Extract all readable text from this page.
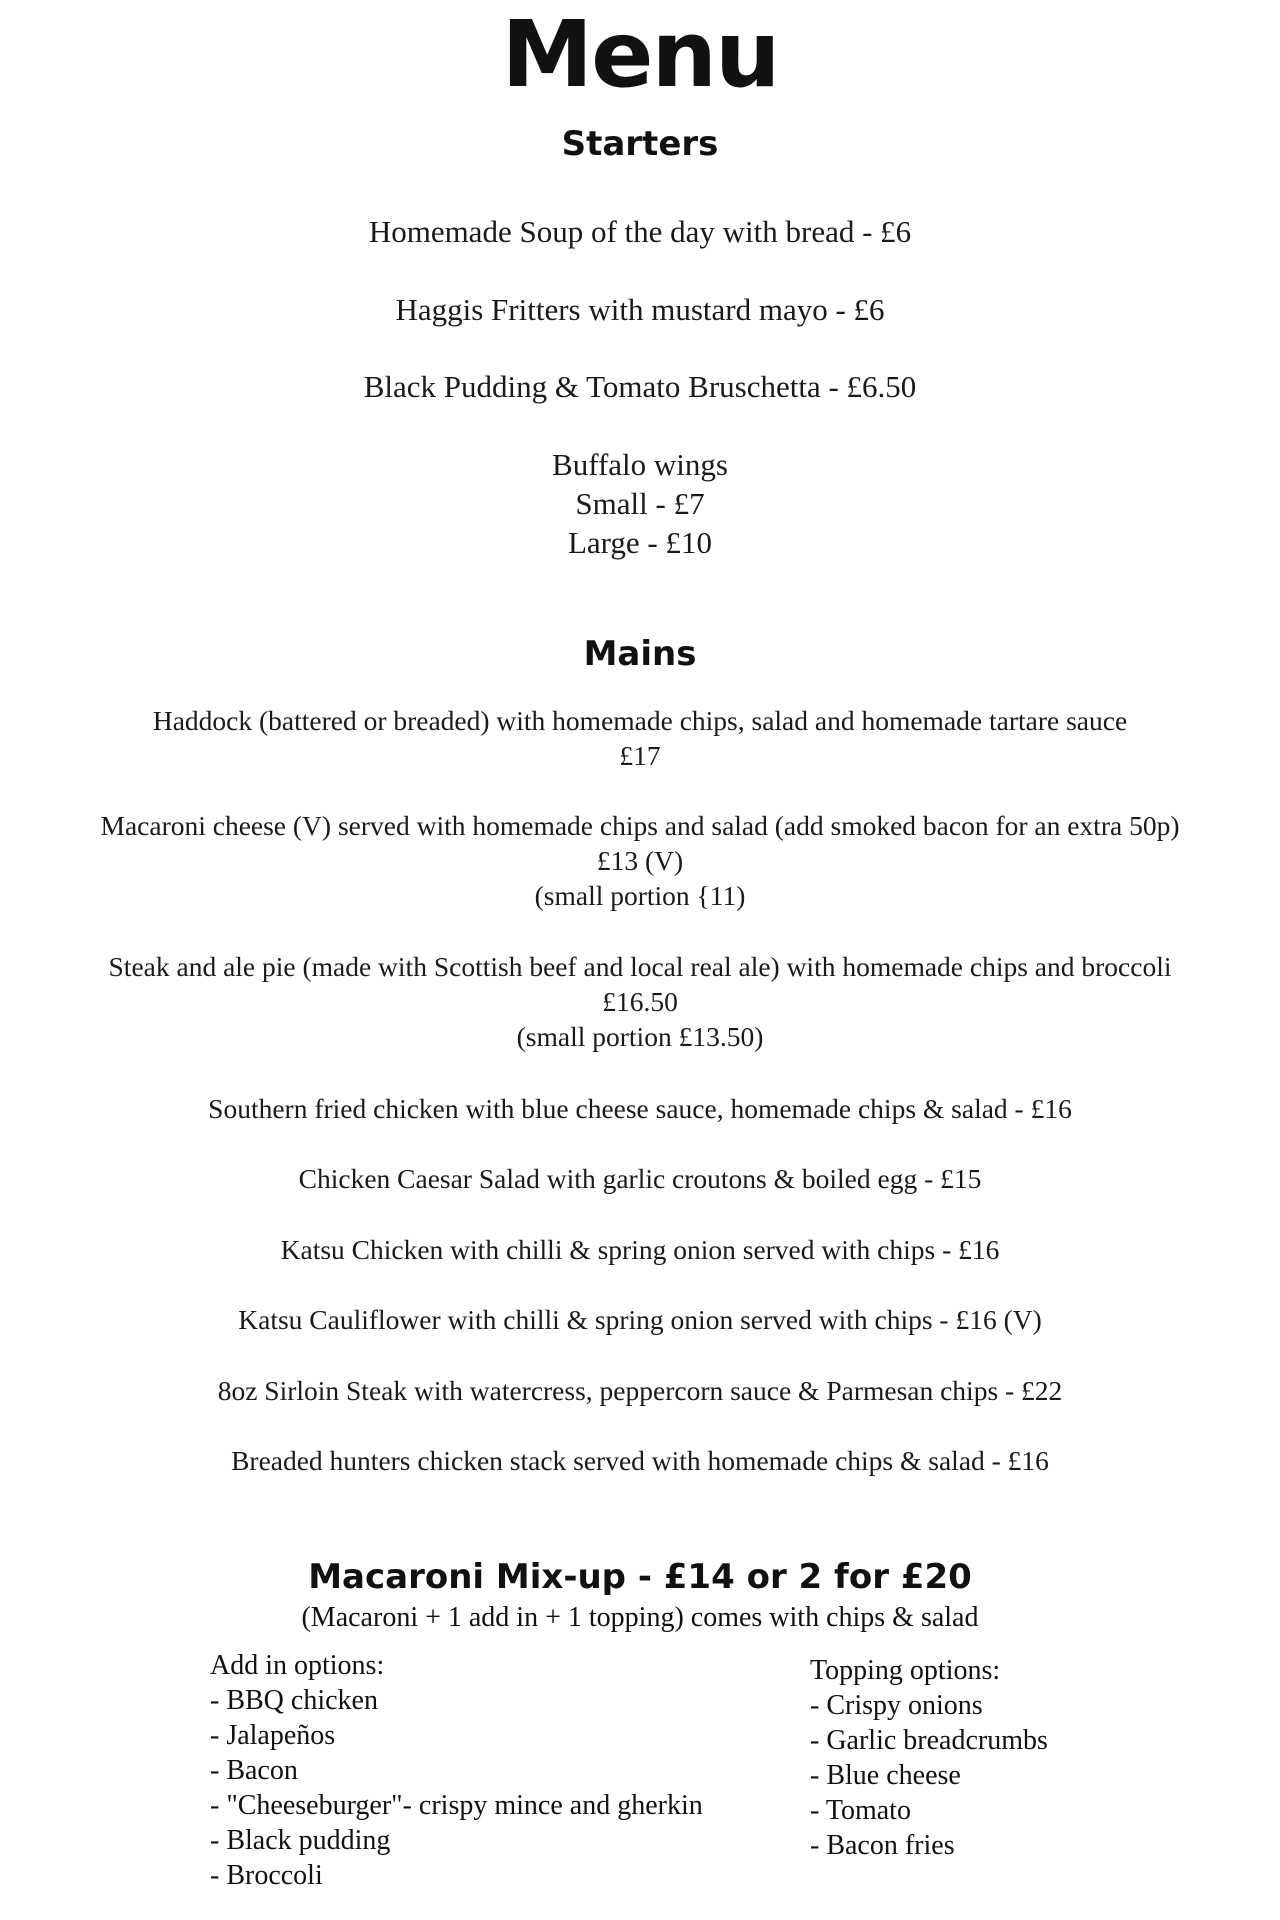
Menu
Starters
Homemade Soup of the day with bread - £6
Haggis Fritters with mustard mayo - £6
Black Pudding & Tomato Bruschetta - £6.50
Buffalo wings
Small - £7
Large - £10
Mains
Haddock (battered or breaded) with homemade chips, salad and homemade tartare sauce
£17
Macaroni cheese (V) served with homemade chips and salad (add smoked bacon for an extra 50p)
£13 (V)
(small portion {11)
Steak and ale pie (made with Scottish beef and local real ale) with homemade chips and broccoli
£16.50
(small portion £13.50)
Southern fried chicken with blue cheese sauce, homemade chips & salad - £16
Chicken Caesar Salad with garlic croutons & boiled egg - £15
Katsu Chicken with chilli & spring onion served with chips - £16
Katsu Cauliflower with chilli & spring onion served with chips - £16 (V)
8oz Sirloin Steak with watercress, peppercorn sauce & Parmesan chips - £22
Breaded hunters chicken stack served with homemade chips & salad - £16
Macaroni Mix-up - £14 or 2 for £20
(Macaroni + 1 add in + 1 topping) comes with chips & salad
Add in options:
- BBQ chicken
- Jalapeños
- Bacon
- "Cheeseburger"- crispy mince and gherkin
- Black pudding
- Broccoli
Topping options:
- Crispy onions
- Garlic breadcrumbs
- Blue cheese
- Tomato
- Bacon fries
